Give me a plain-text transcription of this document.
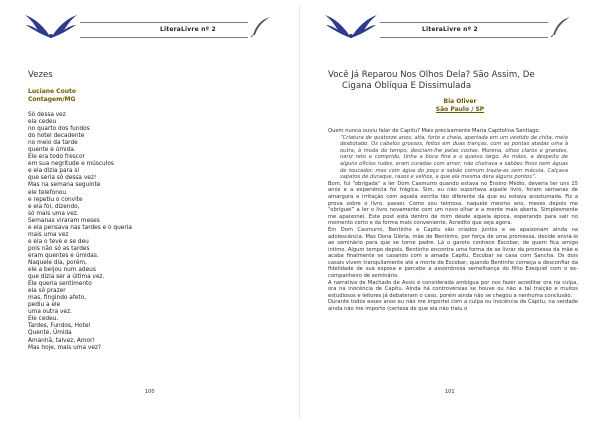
LiteraLivre nº 2
Vezes
Luciane Couto
Contagem/MG
Só dessa vez
ela cedeu
no quarto dos fundos
do hotel decadente
no meio da tarde
quente e úmida.
Ele era todo frescor
em sua negritude e músculos
e ela dizia para si
que seria só dessa vez!
Mas na semana seguinte
ele telefonou
e repetiu o convite
e ela foi, dizendo,
só mais uma vez.
Semanas viraram meses
e ela pensava nas tardes e o queria
mais uma vez
e ela o teve e se deu
pois não só as tardes
eram quentes e úmidas.
Naquele dia, porém,
ele a beijou num adeus
que dizia ser a última vez.
Ele queria sentimento
ela só prazer
mas, fingindo afeto,
pediu a ele
uma outra vez.
Ele cedeu.
Tardes, Fundos, Hotel
Quente, Úmida
Amanhã, talvez, Amor!
Mas hoje, mais uma vez?
100
LiteraLivre nº 2
Você Já Reparou Nos Olhos Dela? São Assim, De
Cigana Oblíqua E Dissimulada
Bia Oliver
São Paulo / SP

Quem nunca ouviu falar de Capitu? Mais precisamente Maria Capitolina Santiago.

“Criatura de quatorze anos, alta, forte e cheia, apertada em um vestido de chita, meio desbotado. Os cabelos grossos, feitos em duas tranças, com as pontas atadas uma à outra, à moda do tempo, desciam-lhe pelas costas. Morena, olhos claros e grandes, nariz reto e comprido, tinha a boca fina e o queixo largo. As mãos, a despeito de alguns ofícios rudes, eram curadas com amor; não cheirava a sabões finos nem águas de toucador, mas com água do poço e sabão comum trazia-as sem mácula. Calçava sapatos de duraque, rasos e velhos, a que ela mesma dera alguns pontos”.

Bom, fui “obrigada” a ler Dom Casmurro quando estava no Ensino Médio, deveria ter uns 15 anos e a experiência foi trágica. Sim, eu não suportava aquele livro, foram semanas de amargura e irritação com aquela escrita tão diferente da que eu estava acostumada. Fiz a prova sobre o livro, passei. Como sou teimosa, naquele mesmo ano, meses depois me “obriguei” a ler o livro novamente com um novo olhar e a mente mais aberta. Simplesmente me apaixonei. Este post está dentro de mim desde aquela época, esperando para sair no momento certo e da forma mais conveniente. Acredito que seja agora.

Em Dom Casmurro, Bentinho e Capitu são criados juntos e se apaixonam ainda na adolescência. Mas Dona Glória, mãe de Bentinho, por força de uma promessa, decide enviá-lo ao seminário para que se torne padre. Lá o garoto conhece Escobar, de quem fica amigo íntimo. Algum tempo depois, Bentinho encontra uma forma de se livrar da promessa da mãe e acaba finalmente se casando com a amada Capitu. Escobar se casa com Sancha. Os dois casais vivem tranquilamente até a morte de Escobar, quando Bentinho começa a desconfiar da fidelidade de sua esposa e percebe a assombrosa semelhança do filho Ezequiel com o ex-companheiro de seminário.

A narrativa de Machado de Assis é considerada ambígua por nos fazer acreditar ora na culpa, ora na inocência de Capitu. Ainda há controvérsias se houve ou não a tal traição e muitos estudiosos e leitores já debateram o caso, porém ainda não se chegou a nenhuma conclusão.

Durante todos esses anos eu não me importei com a culpa ou inocência de Capitu, na verdade ainda não me importo (certeza de que ela não traiu o

101
